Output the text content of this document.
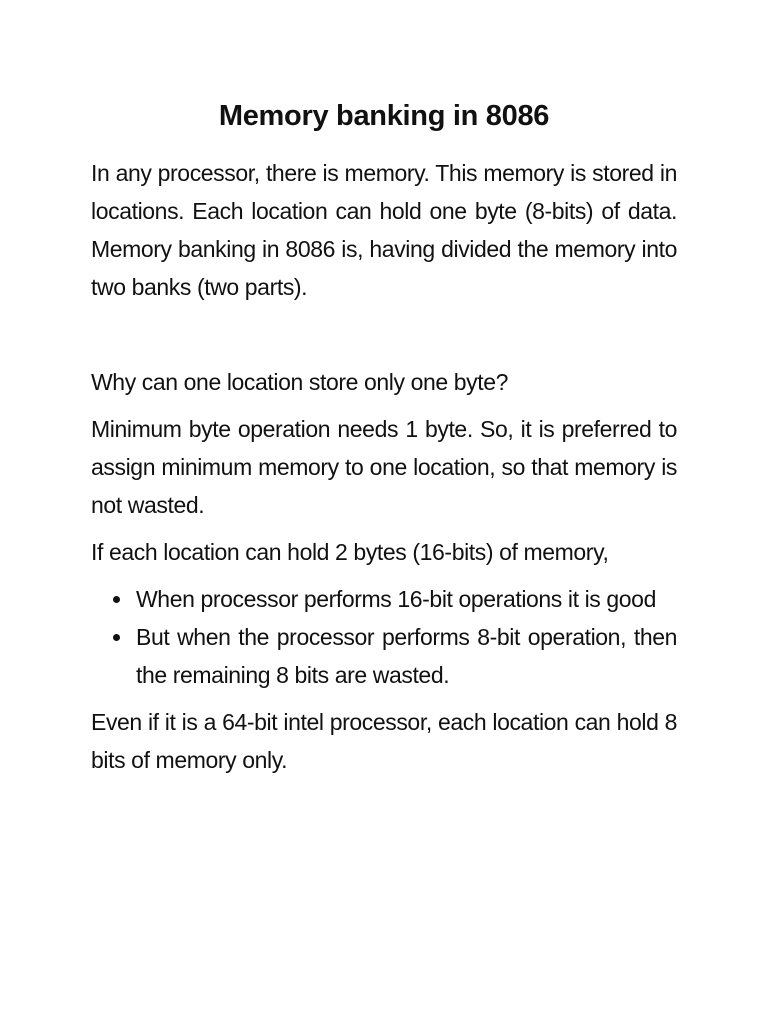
Memory banking in 8086

In any processor, there is memory. This memory is stored in locations. Each location can hold one byte (8-bits) of data. Memory banking in 8086 is, having divided the memory into two banks (two parts).

Why can one location store only one byte?

Minimum byte operation needs 1 byte. So, it is preferred to assign minimum memory to one location, so that memory is not wasted.

If each location can hold 2 bytes (16-bits) of memory,

When processor performs 16-bit operations it is good
But when the processor performs 8-bit operation, then the remaining 8 bits are wasted.

Even if it is a 64-bit intel processor, each location can hold 8 bits of memory only.
